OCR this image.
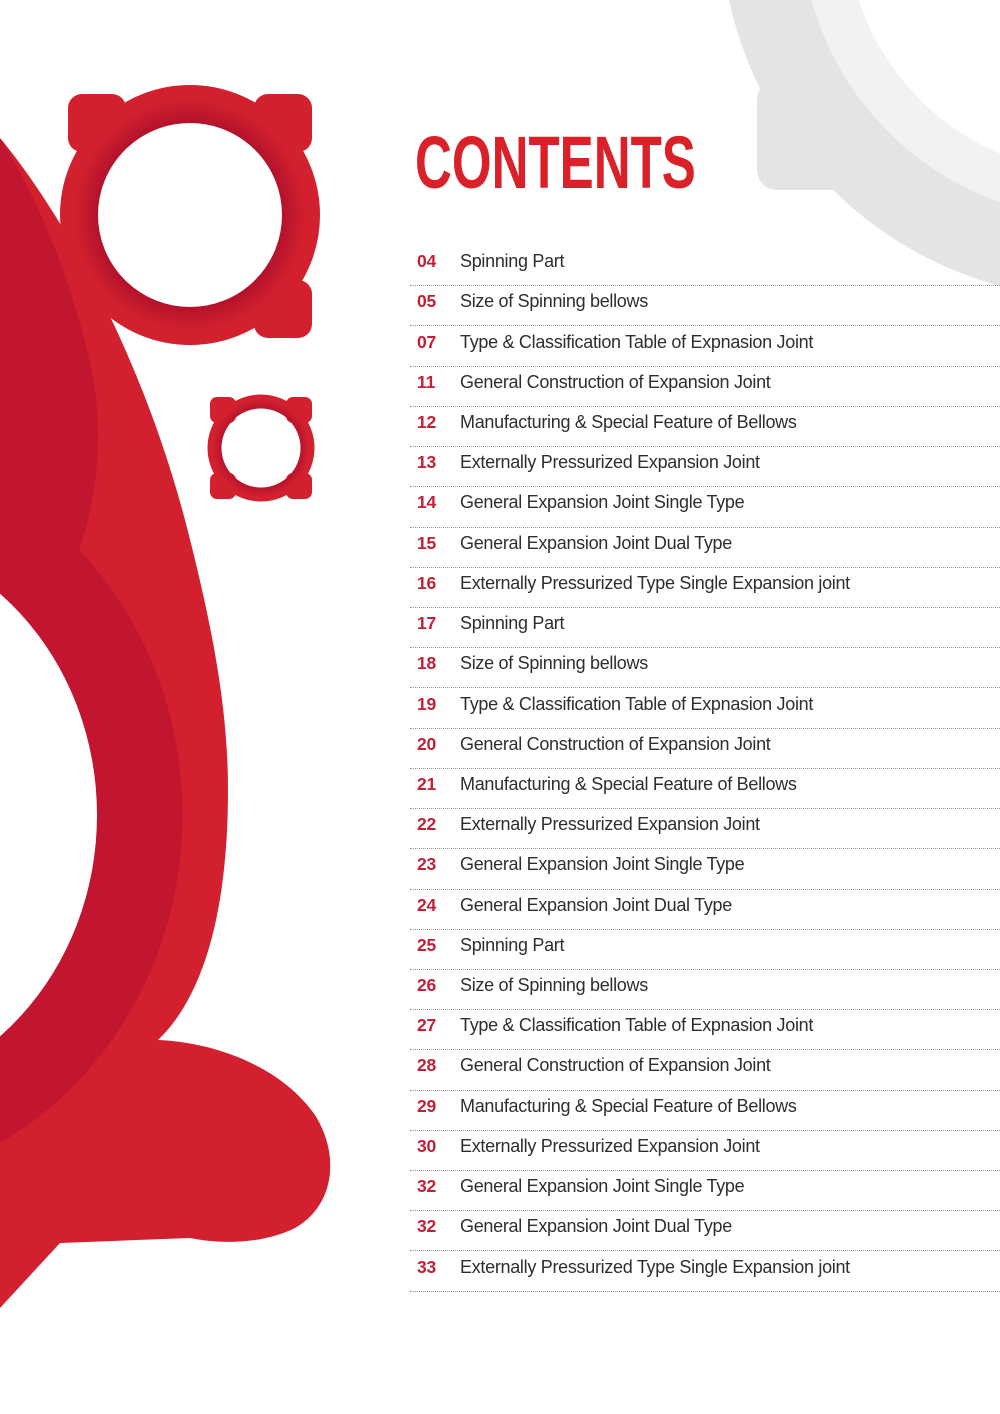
CONTENTS
04	Spinning Part
05	Size of Spinning bellows
07	Type & Classification Table of Expnasion Joint
11	General Construction of Expansion Joint
12	Manufacturing & Special Feature of Bellows
13	Externally Pressurized Expansion Joint
14	General Expansion Joint Single Type
15	General Expansion Joint Dual Type
16	Externally Pressurized Type Single Expansion joint
17	Spinning Part
18	Size of Spinning bellows
19	Type & Classification Table of Expnasion Joint
20	General Construction of Expansion Joint
21	Manufacturing & Special Feature of Bellows
22	Externally Pressurized Expansion Joint
23	General Expansion Joint Single Type
24	General Expansion Joint Dual Type
25	Spinning Part
26	Size of Spinning bellows
27	Type & Classification Table of Expnasion Joint
28	General Construction of Expansion Joint
29	Manufacturing & Special Feature of Bellows
30	Externally Pressurized Expansion Joint
32	General Expansion Joint Single Type
32	General Expansion Joint Dual Type
33	Externally Pressurized Type Single Expansion joint
